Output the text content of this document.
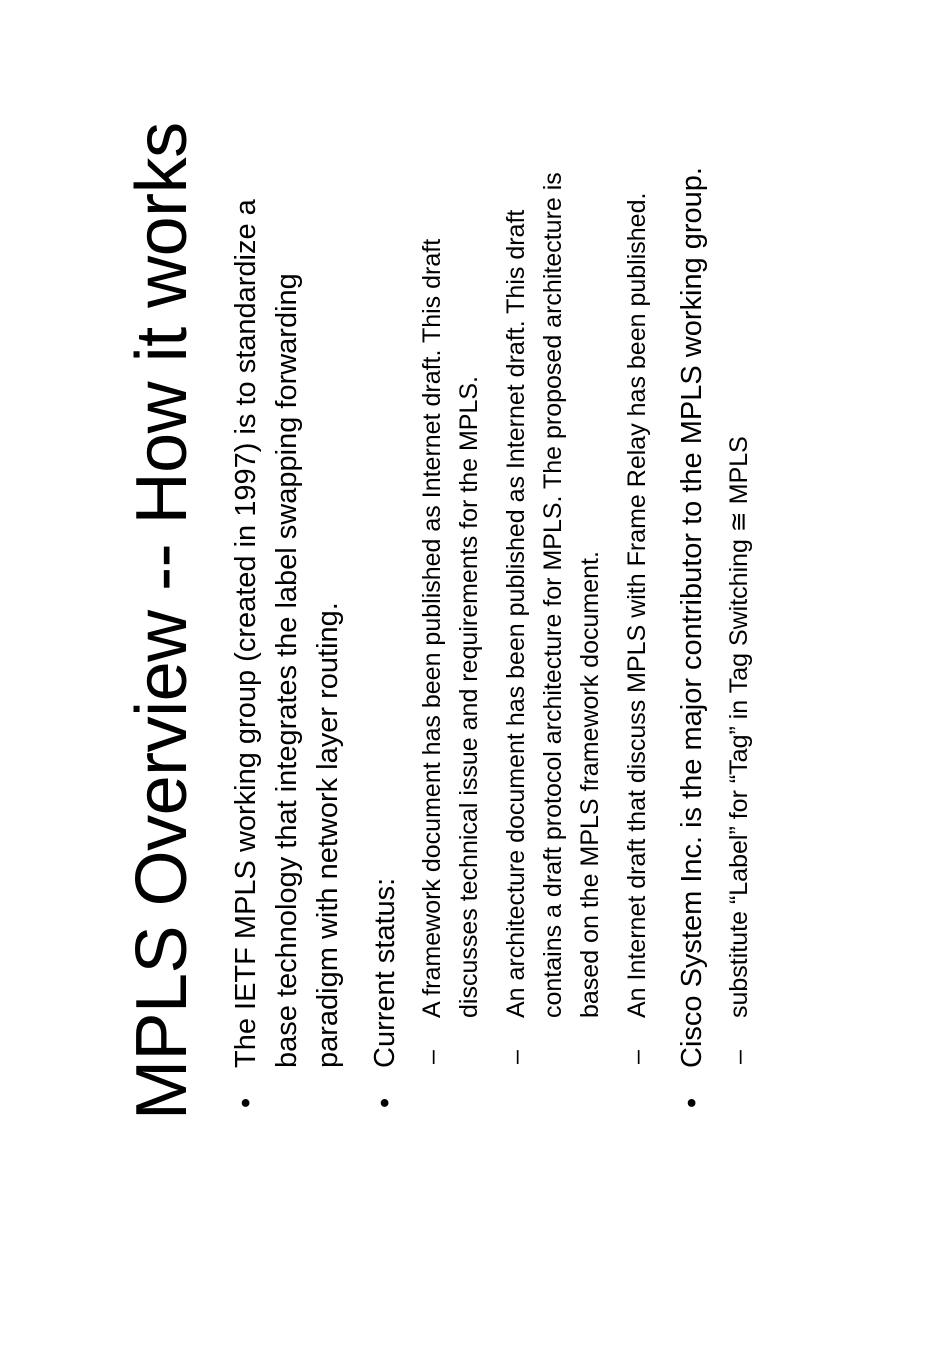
MPLS Overview -- How it works •
The IETF MPLS working group (created in 1997) is to standardize a base technology that integrates the label swapping forwarding paradigm with network layer routing.
•
Current status: –
A framework document has been published as Internet draft. This draft discusses technical issue and requirements for the MPLS.
–
An architecture document has been published as Internet draft. This draft contains a draft protocol architecture for MPLS. The proposed architecture is based on the MPLS framework document.
–
An Internet draft that discuss MPLS with Frame Relay has been published.
•
Cisco System Inc. is the major contributor to the MPLS working group. –
substitute “Label” for “Tag” in Tag Switching ≅ MPLS
